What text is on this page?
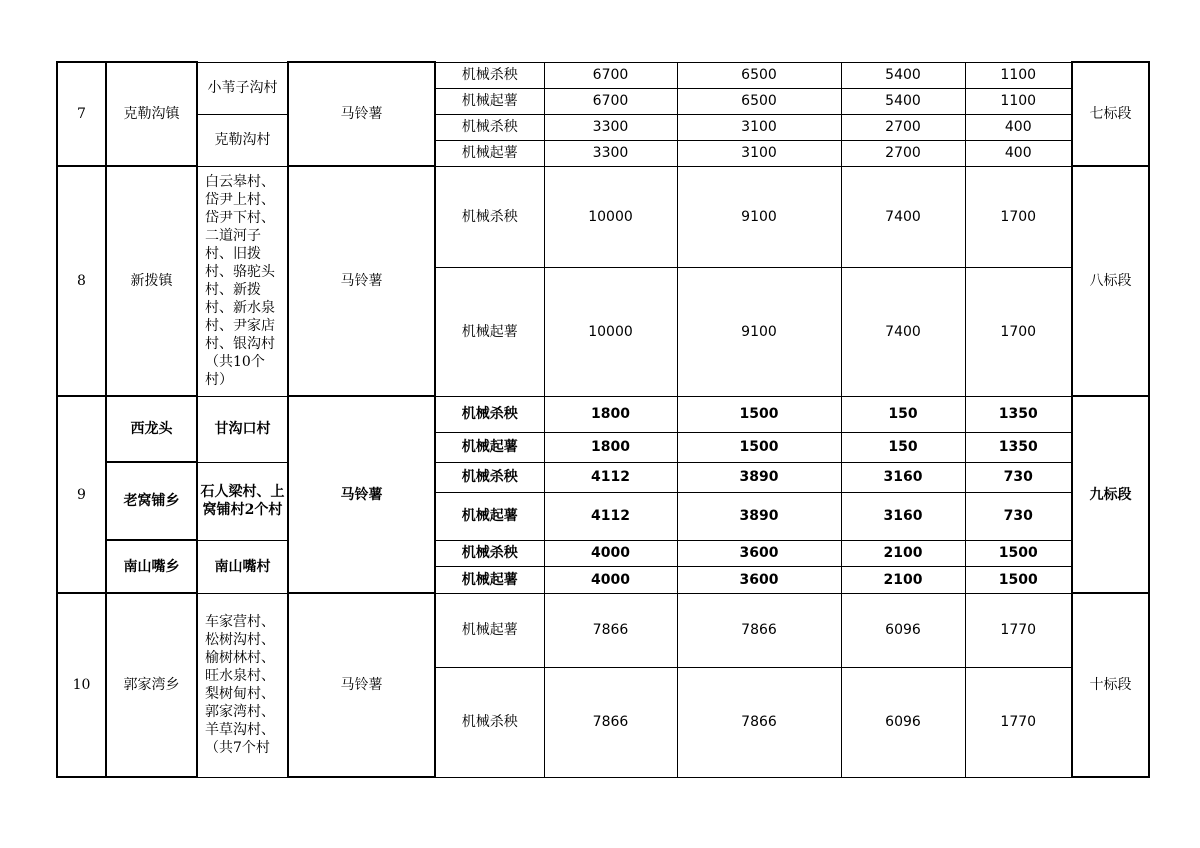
7	克勒沟镇	小苇子沟村	马铃薯	机械杀秧	6700	6500	5400	1100	七标段
				机械起薯	6700	6500	5400	1100	
		克勒沟村		机械杀秧	3300	3100	2700	400	
				机械起薯	3300	3100	2700	400	
8	新拨镇	白云皋村、岱尹上村、岱尹下村、二道河子村、旧拨村、骆驼头村、新拨村、新水泉村、尹家店村、银沟村（共10个村）	马铃薯	机械杀秧	10000	9100	7400	1700	八标段
				机械起薯	10000	9100	7400	1700	
9	西龙头	甘沟口村	马铃薯	机械杀秧	1800	1500	150	1350	九标段
				机械起薯	1800	1500	150	1350	
	老窝铺乡	石人梁村、上窝铺村2个村		机械杀秧	4112	3890	3160	730	
				机械起薯	4112	3890	3160	730	
	南山嘴乡	南山嘴村		机械杀秧	4000	3600	2100	1500	
				机械起薯	4000	3600	2100	1500	
10	郭家湾乡	车家营村、松树沟村、榆树林村、旺水泉村、梨树甸村、郭家湾村、羊草沟村、（共7个村	马铃薯	机械起薯	7866	7866	6096	1770	十标段
				机械杀秧	7866	7866	6096	1770	
